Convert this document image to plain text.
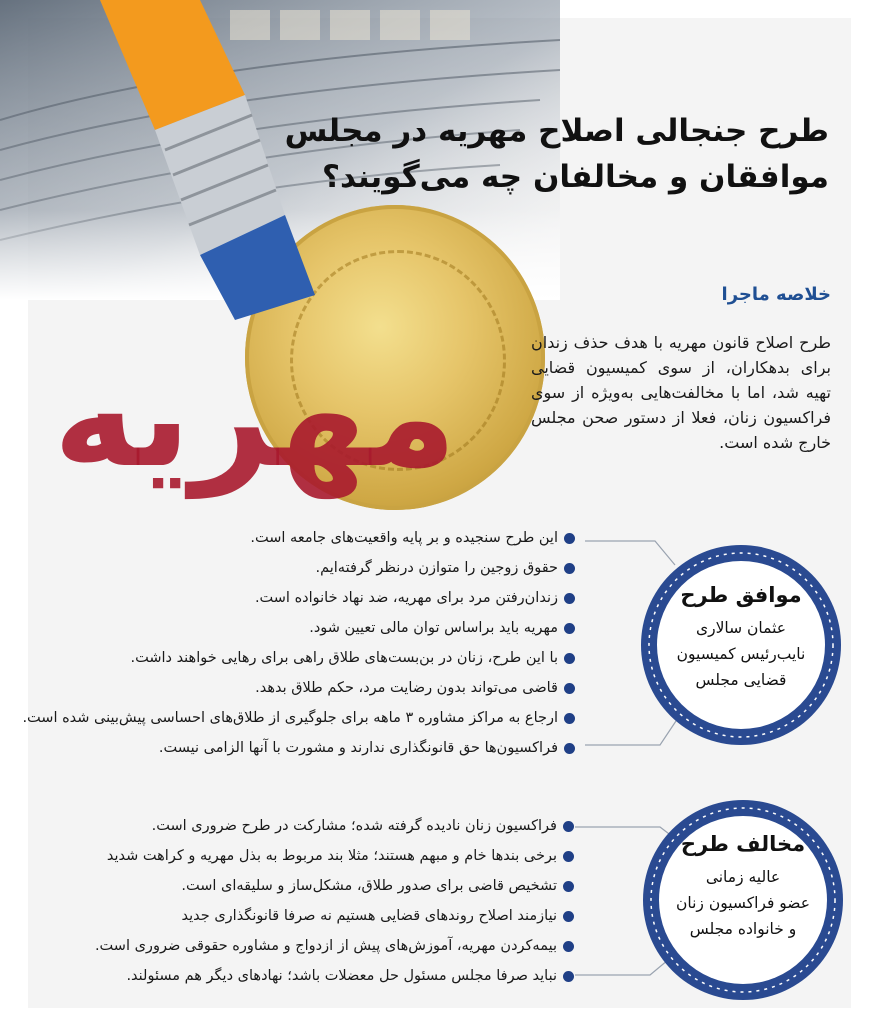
مهریه
طرح جنجالی اصلاح مهریه در مجلس
موافقان و مخالفان چه می‌گویند؟
خلاصه ماجرا
طرح اصلاح قانون مهریه با هدف حذف زندان برای بدهکاران، از سوی کمیسیون قضایی تهیه شد، اما با مخالفت‌هایی به‌ویژه از سوی فراکسیون زنان، فعلا از دستور صحن مجلس خارج شده است.
این طرح سنجیده و بر پایه واقعیت‌های جامعه است.
حقوق زوجین را متوازن درنظر گرفته‌ایم.
زندان‌رفتن مرد برای مهریه، ضد نهاد خانواده است.
مهریه باید براساس توان مالی تعیین شود.
با این طرح، زنان در بن‌بست‌های طلاق راهی برای رهایی خواهند داشت.
قاضی می‌تواند بدون رضایت مرد، حکم طلاق بدهد.
ارجاع به مراکز مشاوره ۳ ماهه برای جلوگیری از طلاق‌های احساسی پیش‌بینی شده است.
فراکسیون‌ها حق قانونگذاری ندارند و مشورت با آنها الزامی نیست.
موافق طرح
عثمان سالاری
نایب‌رئیس کمیسیون
قضایی مجلس
فراکسیون زنان نادیده گرفته شده؛ مشارکت در طرح ضروری است.
برخی بندها خام و مبهم هستند؛ مثلا بند مربوط به بذل مهریه و کراهت شدید
تشخیص قاضی برای صدور طلاق، مشکل‌ساز و سلیقه‌ای است.
نیازمند اصلاح روندهای قضایی هستیم نه صرفا قانونگذاری جدید
بیمه‌کردن مهریه، آموزش‌های پیش از ازدواج و مشاوره حقوقی ضروری است.
نباید صرفا مجلس مسئول حل معضلات باشد؛ نهادهای دیگر هم مسئولند.
مخالف طرح
عالیه زمانی
عضو فراکسیون زنان
و خانواده مجلس
